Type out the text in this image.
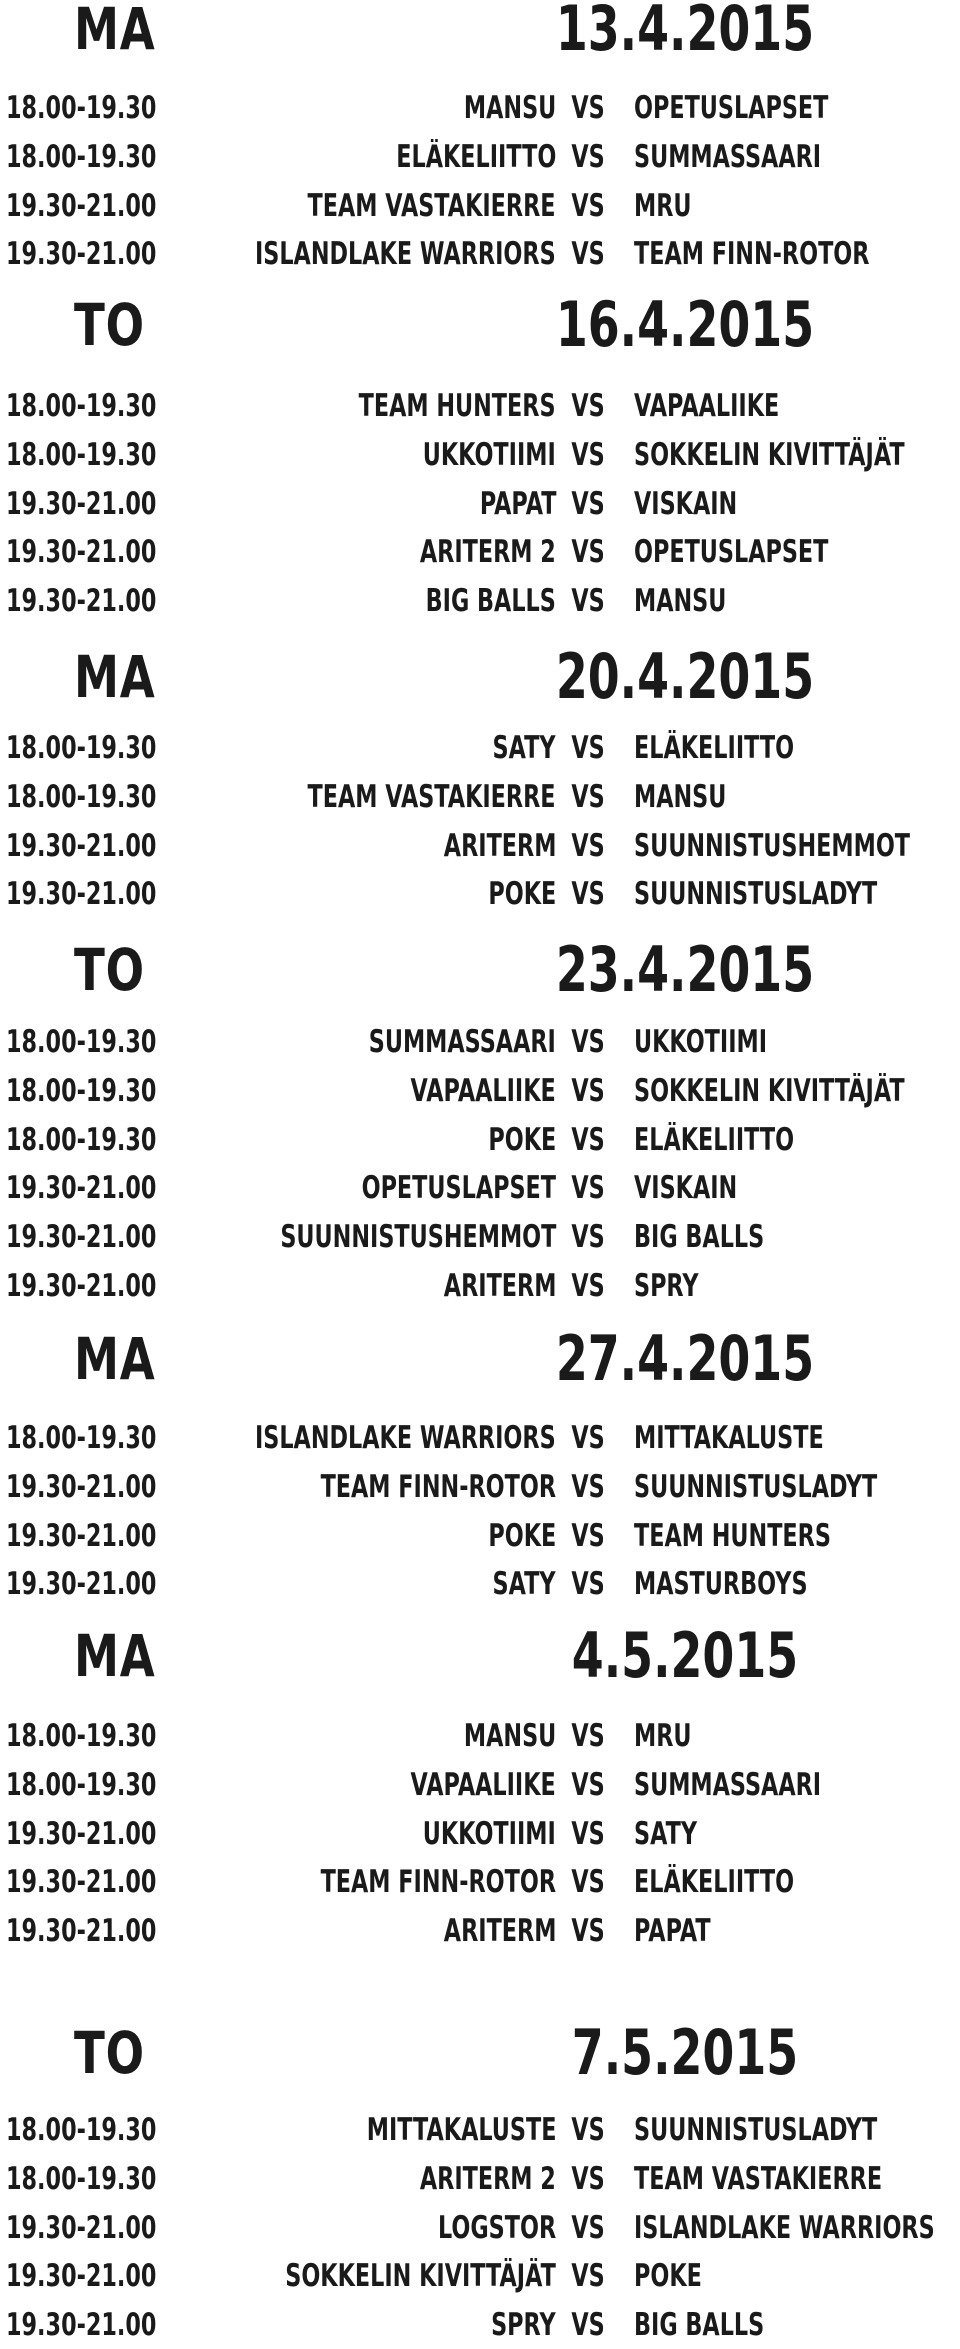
MA	13.4.2015
18.00-19.30	MANSU VS OPETUSLAPSET
18.00-19.30	ELÄKELIITTO VS SUMMASSAARI
19.30-21.00	TEAM VASTAKIERRE VS MRU
19.30-21.00	ISLANDLAKE WARRIORS VS TEAM FINN-ROTOR
TO	16.4.2015
18.00-19.30	TEAM HUNTERS VS VAPAALIIKE
18.00-19.30	UKKOTIIMI VS SOKKELIN KIVITTÄJÄT
19.30-21.00	PAPAT VS VISKAIN
19.30-21.00	ARITERM 2 VS OPETUSLAPSET
19.30-21.00	BIG BALLS VS MANSU
MA	20.4.2015
18.00-19.30	SATY VS ELÄKELIITTO
18.00-19.30	TEAM VASTAKIERRE VS MANSU
19.30-21.00	ARITERM VS SUUNNISTUSHEMMOT
19.30-21.00	POKE VS SUUNNISTUSLADYT
TO	23.4.2015
18.00-19.30	SUMMASSAARI VS UKKOTIIMI
18.00-19.30	VAPAALIIKE VS SOKKELIN KIVITTÄJÄT
18.00-19.30	POKE VS ELÄKELIITTO
19.30-21.00	OPETUSLAPSET VS VISKAIN
19.30-21.00	SUUNNISTUSHEMMOT VS BIG BALLS
19.30-21.00	ARITERM VS SPRY
MA	27.4.2015
18.00-19.30	ISLANDLAKE WARRIORS VS MITTAKALUSTE
19.30-21.00	TEAM FINN-ROTOR VS SUUNNISTUSLADYT
19.30-21.00	POKE VS TEAM HUNTERS
19.30-21.00	SATY VS MASTURBOYS
MA	4.5.2015
18.00-19.30	MANSU VS MRU
18.00-19.30	VAPAALIIKE VS SUMMASSAARI
19.30-21.00	UKKOTIIMI VS SATY
19.30-21.00	TEAM FINN-ROTOR VS ELÄKELIITTO
19.30-21.00	ARITERM VS PAPAT
TO	7.5.2015
18.00-19.30	MITTAKALUSTE VS SUUNNISTUSLADYT
18.00-19.30	ARITERM 2 VS TEAM VASTAKIERRE
19.30-21.00	LOGSTOR VS ISLANDLAKE WARRIORS
19.30-21.00	SOKKELIN KIVITTÄJÄT VS POKE
19.30-21.00	SPRY VS BIG BALLS
